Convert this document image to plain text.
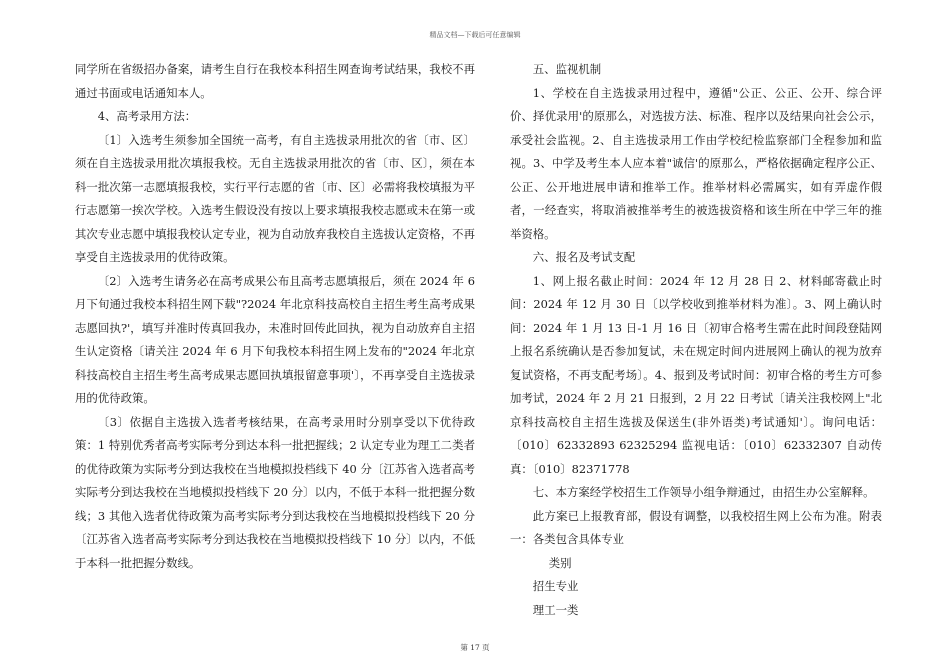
精品文档—下载后可任意编辑

同学所在省级招办备案，请考生自行在我校本科招生网查询考试结果，我校不再通过书面或电话通知本人。

4、高考录用方法：

〔1〕入选考生须参加全国统一高考，有自主选拔录用批次的省〔市、区〕须在自主选拔录用批次填报我校。无自主选拔录用批次的省〔市、区〕，须在本科一批次第一志愿填报我校，实行平行志愿的省〔市、区〕必需将我校填报为平行志愿第一挨次学校。入选考生假设没有按以上要求填报我校志愿或未在第一或其次专业志愿中填报我校认定专业，视为自动放弃我校自主选拔认定资格，不再享受自主选拔录用的优待政策。

〔2〕入选考生请务必在高考成果公布且高考志愿填报后，须在 2024 年 6 月下旬通过我校本科招生网下载"?2024 年北京科技高校自主招生考生高考成果志愿回执?'，填写并准时传真回我办，未准时回传此回执，视为自动放弃自主招生认定资格〔请关注 2024 年 6 月下旬我校本科招生网上发布的"2024 年北京科技高校自主招生考生高考成果志愿回执填报留意事项'〕，不再享受自主选拔录用的优待政策。

〔3〕依据自主选拔入选者考核结果，在高考录用时分别享受以下优待政策：1 特别优秀者高考实际考分到达本科一批把握线；2 认定专业为理工二类者的优待政策为实际考分到达我校在当地模拟投档线下 40 分〔江苏省入选者高考实际考分到达我校在当地模拟投档线下 20 分〕以内，不低于本科一批把握分数线；3 其他入选者优待政策为高考实际考分到达我校在当地模拟投档线下 20 分〔江苏省入选者高考实际考分到达我校在当地模拟投档线下 10 分〕以内，不低于本科一批把握分数线。

五、监视机制

1、学校在自主选拔录用过程中，遵循"公正、公正、公开、综合评价、择优录用'的原那么，对选拔方法、标准、程序以及结果向社会公示，承受社会监视。2、自主选拔录用工作由学校纪检监察部门全程参加和监视。3、中学及考生本人应本着"诚信'的原那么，严格依据确定程序公正、公正、公开地进展申请和推举工作。推举材料必需属实，如有弄虚作假者，一经查实，将取消被推举考生的被选拔资格和该生所在中学三年的推举资格。

六、报名及考试支配

1、网上报名截止时间：2024 年 12 月 28 日 2、材料邮寄截止时间：2024 年 12 月 30 日〔以学校收到推举材料为准〕。3、网上确认时间：2024 年 1 月 13 日-1 月 16 日〔初审合格考生需在此时间段登陆网上报名系统确认是否参加复试，未在规定时间内进展网上确认的视为放弃复试资格，不再支配考场〕。4、报到及考试时间：初审合格的考生方可参加考试，2024 年 2 月 21 日报到，2 月 22 日考试〔请关注我校网上"北京科技高校自主招生选拔及保送生(非外语类)考试通知'〕。询问电话：〔010〕62332893 62325294 监视电话：〔010〕62332307 自动传真：〔010〕82371778

七、本方案经学校招生工作领导小组争辩通过，由招生办公室解释。

此方案已上报教育部，假设有调整，以我校招生网上公布为准。附表一：各类包含具体专业

类别

招生专业

理工一类

第 17 页
